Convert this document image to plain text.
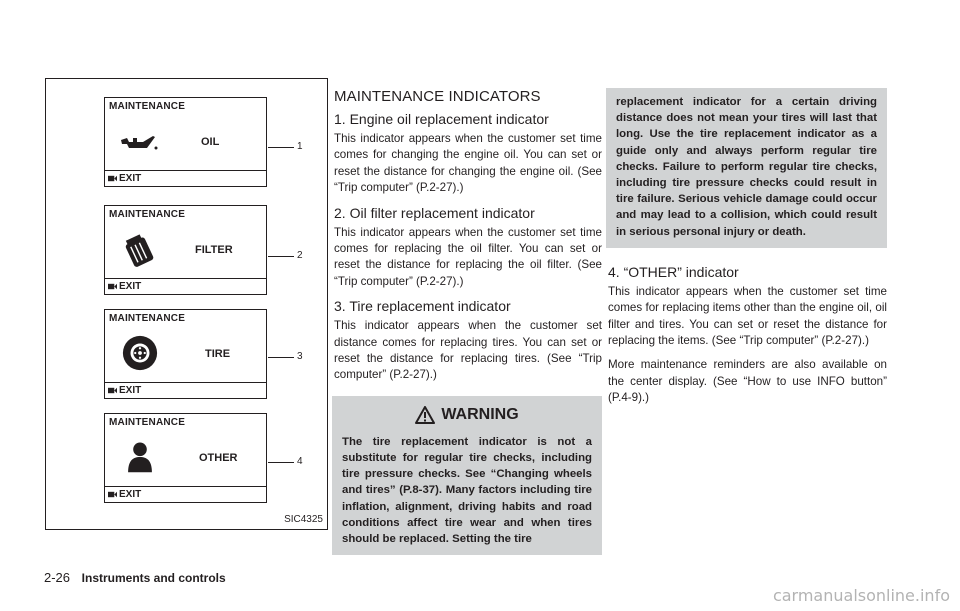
MAINTENANCE
OIL
EXIT
1
MAINTENANCE
FILTER
EXIT
2
MAINTENANCE
TIRE
EXIT
3
MAINTENANCE
OTHER
EXIT
4
SIC4325
MAINTENANCE INDICATORS
1. Engine oil replacement indicator

This indicator appears when the customer set time comes for changing the engine oil. You can set or reset the distance for changing the engine oil. (See “Trip computer” (P.2-27).)

2. Oil filter replacement indicator

This indicator appears when the customer set time comes for replacing the oil filter. You can set or reset the distance for replacing the oil filter. (See “Trip computer” (P.2-27).)

3. Tire replacement indicator

This indicator appears when the customer set distance comes for replacing tires. You can set or reset the distance for replacing tires. (See “Trip computer” (P.2-27).)

WARNING
The tire replacement indicator is not a substitute for regular tire checks, including tire pressure checks. See “Changing wheels and tires” (P.8-37). Many factors including tire inflation, alignment, driving habits and road conditions affect tire wear and when tires should be replaced. Setting the tire
replacement indicator for a certain driving distance does not mean your tires will last that long. Use the tire replacement indicator as a guide only and always perform regular tire checks. Failure to perform regular tire checks, including tire pressure checks could result in tire failure. Serious vehicle damage could occur and may lead to a collision, which could result in serious personal injury or death.
4. “OTHER” indicator

This indicator appears when the customer set time comes for replacing items other than the engine oil, oil filter and tires. You can set or reset the distance for replacing the items. (See “Trip computer” (P.2-27).)

More maintenance reminders are also available on the center display. (See “How to use INFO button” (P.4-9).)

2-26 Instruments and controls
carmanualsonline.info
